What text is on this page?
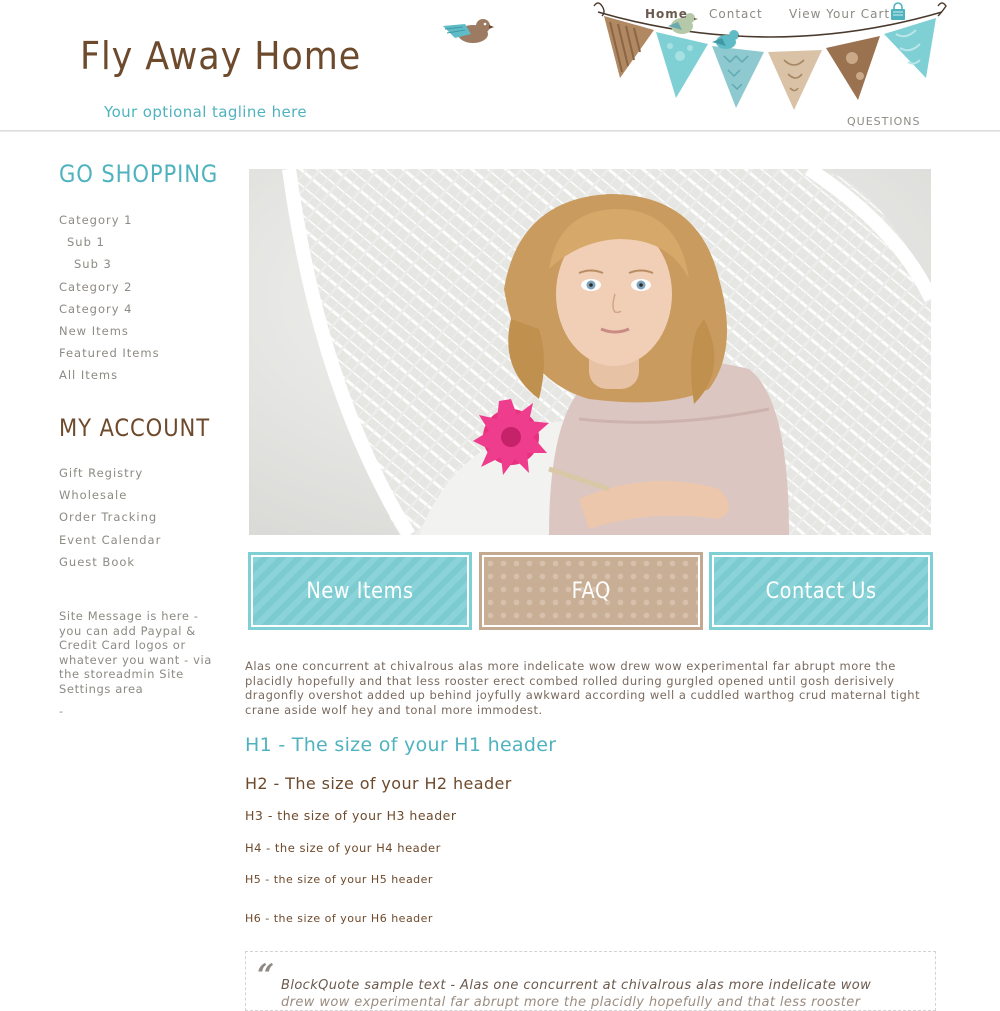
Fly Away Home
Your optional tagline here
Home Contact View Your Cart
QUESTIONS
GO SHOPPING
Category 1
Sub 1
Sub 3
Category 2
Category 4
New Items
Featured Items
All Items
MY ACCOUNT
Gift Registry
Wholesale
Order Tracking
Event Calendar
Guest Book
Site Message is here - you can add Paypal & Credit Card logos or whatever you want - via the storeadmin Site Settings area
-
New Items	FAQ	Contact Us

Alas one concurrent at chivalrous alas more indelicate wow drew wow experimental far abrupt more the placidly hopefully and that less rooster erect combed rolled during gurgled opened until gosh derisively dragonfly overshot added up behind joyfully awkward according well a cuddled warthog crud maternal tight crane aside wolf hey and tonal more immodest.

H1 - The size of your H1 header
H2 - The size of your H2 header
H3 - the size of your H3 header
H4 - the size of your H4 header
H5 - the size of your H5 header
H6 - the size of your H6 header
“ BlockQuote sample text - Alas one concurrent at chivalrous alas more indelicate wow
drew wow experimental far abrupt more the placidly hopefully and that less rooster
